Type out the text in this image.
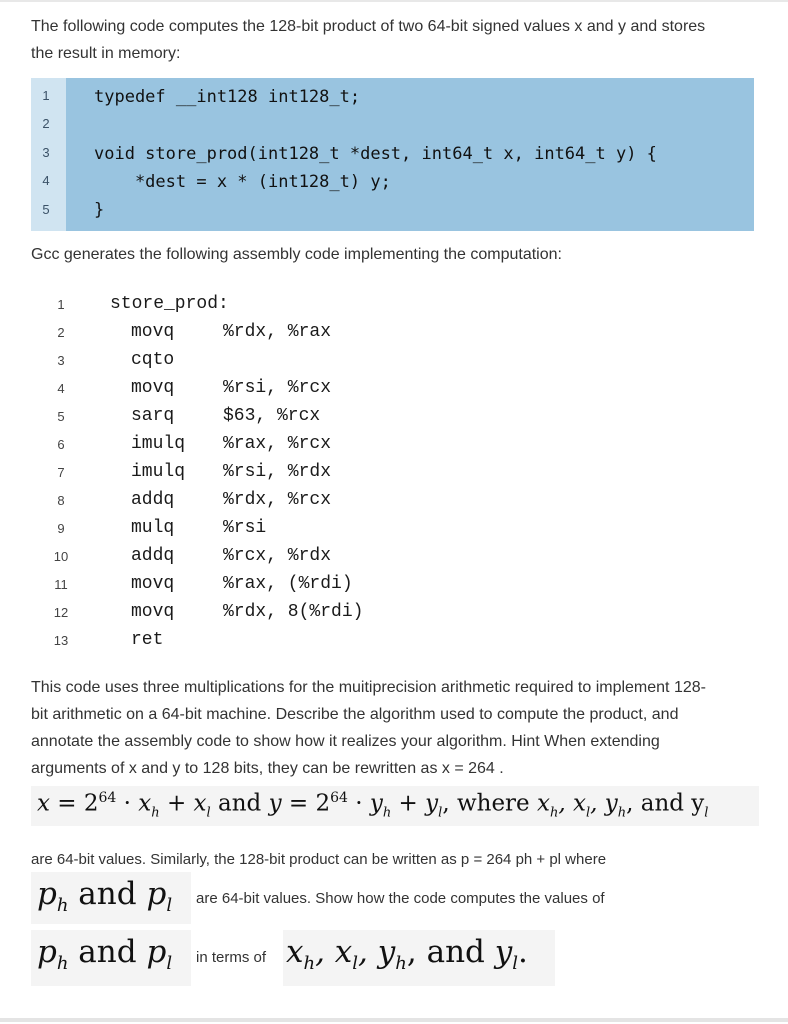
The following code computes the 128-bit product of two 64-bit signed values x and y and stores

the result in memory:

1
2
3
4
5
typedef __int128 int128_t;
void store_prod(int128_t *dest, int64_t x, int64_t y) {
*dest = x * (int128_t) y;
}

Gcc generates the following assembly code implementing the computation:

1
2
3
4
5
6
7
8
9
10
11
12
13
store_prod:
movq	%rdx, %rax
cqto
movq	%rsi, %rcx
sarq	$63, %rcx
imulq %rax, %rcx
imulq %rsi, %rdx
addq	%rdx, %rcx
mulq	%rsi
addq	%rcx, %rdx
movq	%rax, (%rdi)
movq	%rdx, 8(%rdi)
ret

This code uses three multiplications for the muitiprecision arithmetic required to implement 128-

bit arithmetic on a 64-bit machine. Describe the algorithm used to compute the product, and

annotate the assembly code to show how it realizes your algorithm. Hint When extending

arguments of x and y to 128 bits, they can be rewritten as x = 264 .

$x = 2^{64} \cdot x_h + x_l$ and $y = 2^{64} \cdot y_h + y_l$, where $x_h$, $x_l$, $y_h$, and $y_l$

are 64-bit values. Similarly, the 128-bit product can be written as p = 264 ph + pl where

$p_h$ and $p_l$ are 64-bit values. Show how the code computes the values of
$p_h$ and $p_l$ in terms of $x_h$, $x_l$, $y_h$, and $y_l$.
